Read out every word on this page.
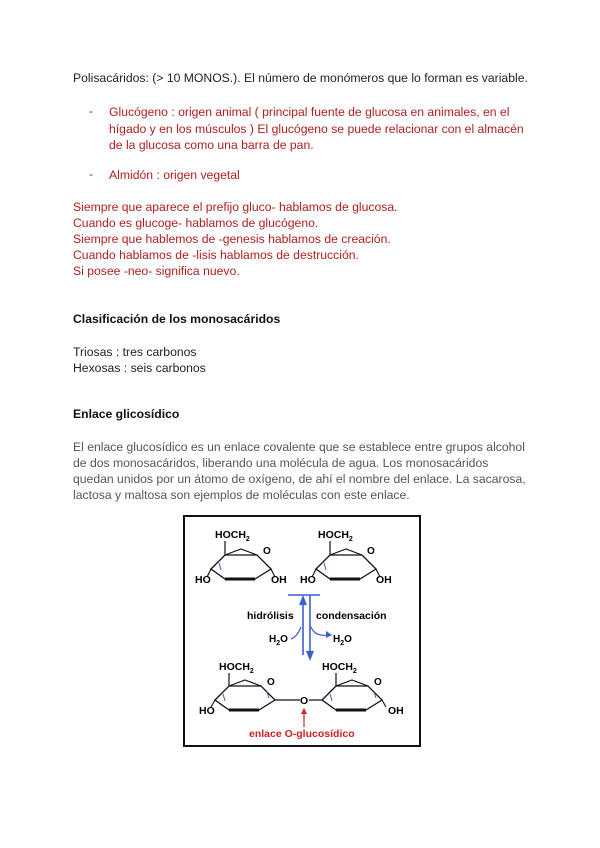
Polisacáridos: (> 10 MONOS.). El número de monómeros que lo forman es variable.
- Glucógeno : origen animal ( principal fuente de glucosa en animales, en el
hígado y en los músculos ) El glucógeno se puede relacionar con el almacén
de la glucosa como una barra de pan.
- Almidón : origen vegetal
Siempre que aparece el prefijo gluco- hablamos de glucosa.
Cuando es glucoge- hablamos de glucógeno.
Siempre que hablemos de -genesis hablamos de creación.
Cuando hablamos de -lisis hablamos de destrucción.
Si posee -neo- significa nuevo.
Clasificación de los monosacáridos
Triosas : tres carbonos
Hexosas : seis carbonos
Enlace glicosídico
El enlace glucosídico es un enlace covalente que se establece entre grupos alcohol
de dos monosacáridos, liberando una molécula de agua. Los monosacáridos
quedan unidos por un átomo de oxígeno, de ahí el nombre del enlace. La sacarosa,
lactosa y maltosa son ejemplos de moléculas con este enlace.
$HOCH_2$
O
HO	OH
$HOCH_2$
O
HO	OH
hidrólisis condensación
$H_2O$	$H_2O$
$HOCH_2$
O
HO
O
$HOCH_2$
O
OH
enlace O-glucosídico
